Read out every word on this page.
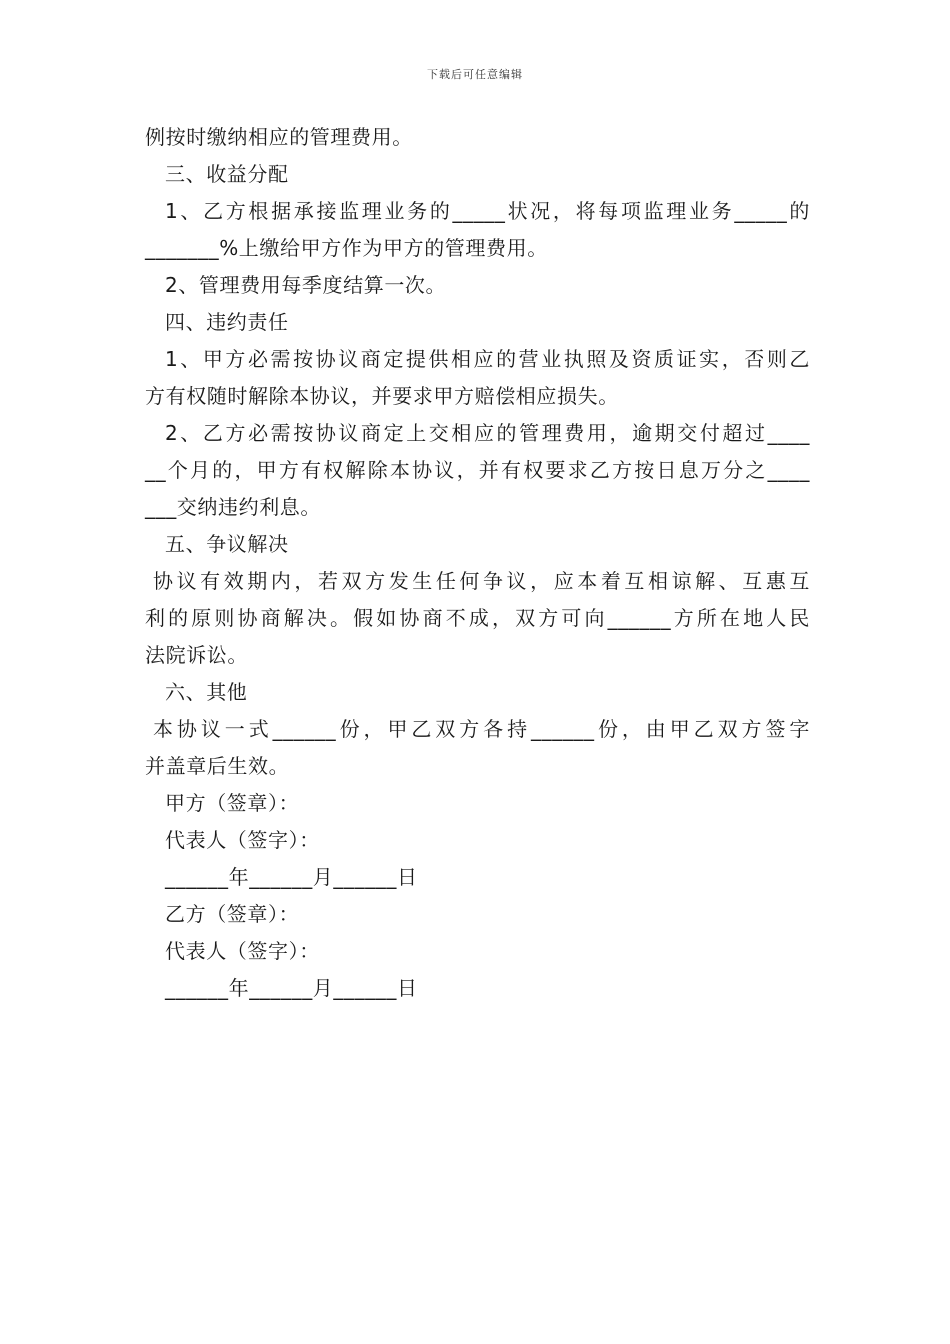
下载后可任意编辑
例按时缴纳相应的管理费用。
三、收益分配
1、乙方根据承接监理业务的_____状况，将每项监理业务_____的
_______%上缴给甲方作为甲方的管理费用。
2、管理费用每季度结算一次。
四、违约责任
1、甲方必需按协议商定提供相应的营业执照及资质证实，否则乙
方有权随时解除本协议，并要求甲方赔偿相应损失。
2、乙方必需按协议商定上交相应的管理费用，逾期交付超过____
__个月的，甲方有权解除本协议，并有权要求乙方按日息万分之____
___交纳违约利息。
五、争议解决
协议有效期内，若双方发生任何争议，应本着互相谅解、互惠互
利的原则协商解决。假如协商不成，双方可向______方所在地人民
法院诉讼。
六、其他
本协议一式______份，甲乙双方各持______份，由甲乙双方签字
并盖章后生效。
甲方（签章）：
代表人（签字）：
______年______月______日
乙方（签章）：
代表人（签字）：
______年______月______日
